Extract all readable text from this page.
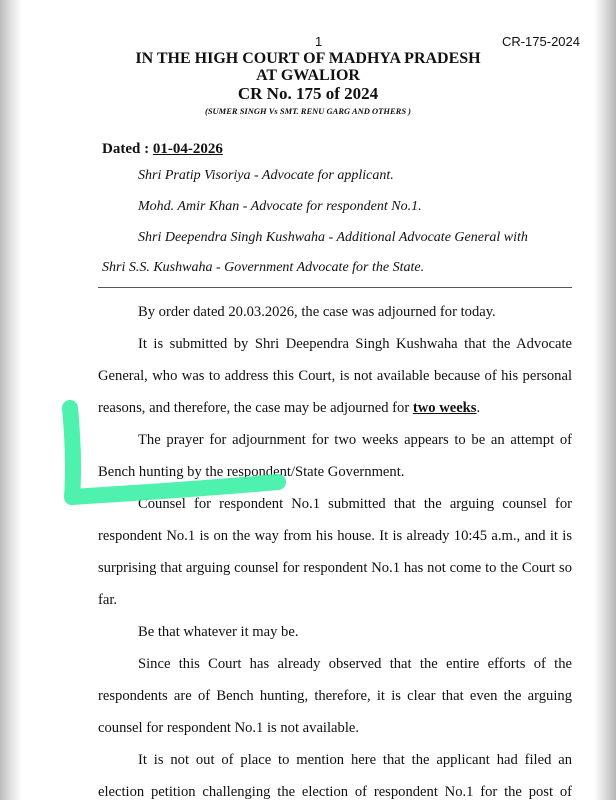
1	CR-175-2024
IN THE HIGH COURT OF MADHYA PRADESH
AT GWALIOR
CR No. 175 of 2024
(SUMER SINGH Vs SMT. RENU GARG AND OTHERS )
Dated : 01-04-2026
Shri Pratip Visoriya - Advocate for applicant.
Mohd. Amir Khan - Advocate for respondent No.1.
Shri Deependra Singh Kushwaha - Additional Advocate General with
Shri S.S. Kushwaha - Government Advocate for the State.

By order dated 20.03.2026, the case was adjourned for today.

It is submitted by Shri Deependra Singh Kushwaha that the Advocate General, who was to address this Court, is not available because of his personal reasons, and therefore, the case may be adjourned for two weeks.

The prayer for adjournment for two weeks appears to be an attempt of Bench hunting by the respondent/State Government.

Counsel for respondent No.1 submitted that the arguing counsel for respondent No.1 is on the way from his house. It is already 10:45 a.m., and it is surprising that arguing counsel for respondent No.1 has not come to the Court so far.

Be that whatever it may be.

Since this Court has already observed that the entire efforts of the respondents are of Bench hunting, therefore, it is clear that even the arguing counsel for respondent No.1 is not available.

It is not out of place to mention here that the applicant had filed an election petition challenging the election of respondent No.1 for the post of
